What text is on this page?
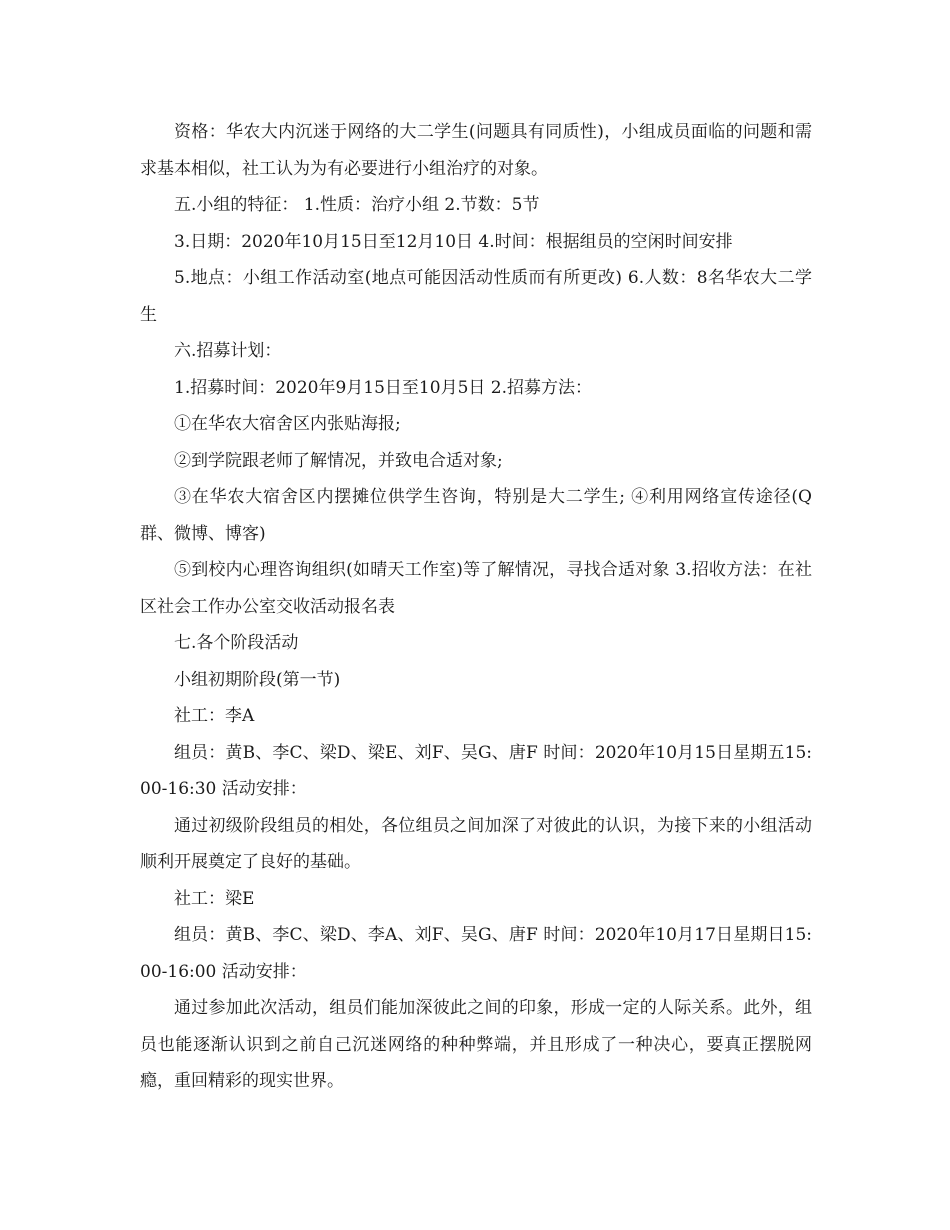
资格：华农大内沉迷于网络的大二学生(问题具有同质性)，小组成员面临的问题和需求基本相似，社工认为为有必要进行小组治疗的对象。

五.小组的特征： 1.性质：治疗小组 2.节数：5节

3.日期：2020年10月15日至12月10日 4.时间：根据组员的空闲时间安排

5.地点：小组工作活动室(地点可能因活动性质而有所更改) 6.人数：8名华农大二学生

六.招募计划：

1.招募时间：2020年9月15日至10月5日 2.招募方法：

①在华农大宿舍区内张贴海报;

②到学院跟老师了解情况，并致电合适对象;

③在华农大宿舍区内摆摊位供学生咨询，特别是大二学生; ④利用网络宣传途径(Q群、微博、博客)

⑤到校内心理咨询组织(如晴天工作室)等了解情况，寻找合适对象 3.招收方法：在社区社会工作办公室交收活动报名表

七.各个阶段活动

小组初期阶段(第一节)

社工：李A

组员：黄B、李C、梁D、梁E、刘F、吴G、唐F 时间：2020年10月15日星期五15:00-16:30 活动安排：

通过初级阶段组员的相处，各位组员之间加深了对彼此的认识，为接下来的小组活动顺利开展奠定了良好的基础。

社工：梁E

组员：黄B、李C、梁D、李A、刘F、吴G、唐F 时间：2020年10月17日星期日15:00-16:00 活动安排：

通过参加此次活动，组员们能加深彼此之间的印象，形成一定的人际关系。此外，组员也能逐渐认识到之前自己沉迷网络的种种弊端，并且形成了一种决心，要真正摆脱网瘾，重回精彩的现实世界。
